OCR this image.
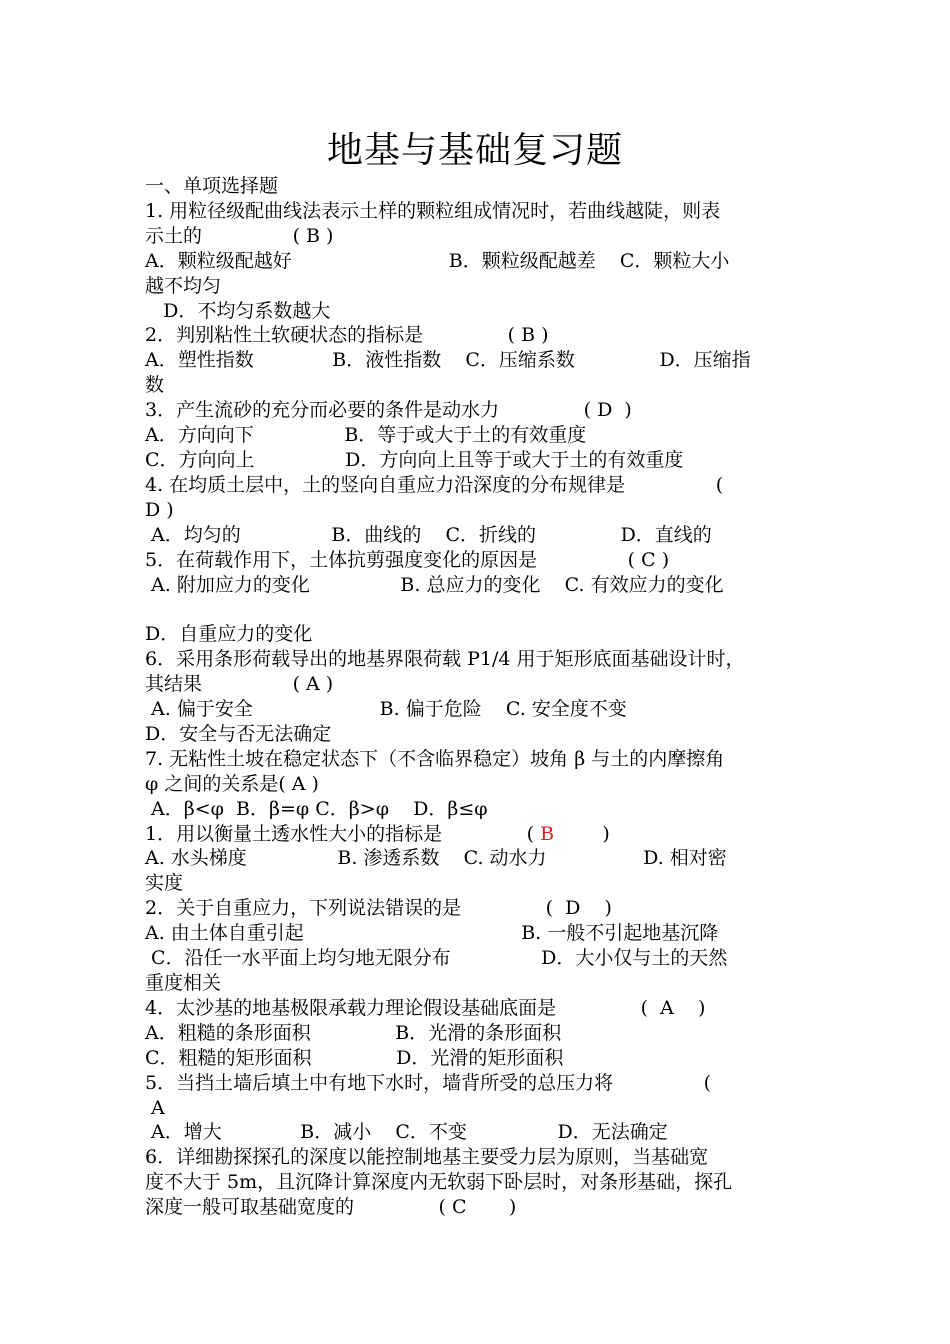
地基与基础复习题

一、单项选择题

1. 用粒径级配曲线法表示土样的颗粒组成情况时，若曲线越陡，则表

示土的               ( B )

A．颗粒级配越好                          B．颗粒级配越差    C．颗粒大小

越不均匀

D．不均匀系数越大

2．判别粘性土软硬状态的指标是              ( B )

A．塑性指数             B．液性指数    C．压缩系数              D．压缩指

数

3．产生流砂的充分而必要的条件是动水力              ( D  )

A．方向向下               B．等于或大于土的有效重度

C．方向向上               D．方向向上且等于或大于土的有效重度

4. 在均质土层中，土的竖向自重应力沿深度的分布规律是               (

D )

A．均匀的               B．曲线的    C．折线的              D．直线的

5．在荷载作用下，土体抗剪强度变化的原因是               ( C )

A. 附加应力的变化               B. 总应力的变化    C. 有效应力的变化

D．自重应力的变化

6．采用条形荷载导出的地基界限荷载 P1/4 用于矩形底面基础设计时，

其结果               ( A )

A. 偏于安全                     B. 偏于危险    C. 安全度不变

D．安全与否无法确定

7. 无粘性土坡在稳定状态下（不含临界稳定）坡角 β 与土的内摩擦角

φ 之间的关系是( A )

A．β<φ  B．β=φ C．β>φ    D．β≤φ

1．用以衡量土透水性大小的指标是              ( B        )

A. 水头梯度               B. 渗透系数    C. 动水力                D. 相对密

实度

2．关于自重应力，下列说法错误的是              (  D    )

A. 由土体自重引起                                    B. 一般不引起地基沉降

C．沿任一水平面上均匀地无限分布               D．大小仅与土的天然

重度相关

4．太沙基的地基极限承载力理论假设基础底面是              (  A    )

A．粗糙的条形面积              B．光滑的条形面积

C．粗糙的矩形面积              D．光滑的矩形面积

5．当挡土墙后填土中有地下水时，墙背所受的总压力将               (

A

A．增大             B．减小    C．不变               D．无法确定

6．详细勘探探孔的深度以能控制地基主要受力层为原则，当基础宽

度不大于 5m，且沉降计算深度内无软弱下卧层时，对条形基础，探孔

深度一般可取基础宽度的              ( C       )
